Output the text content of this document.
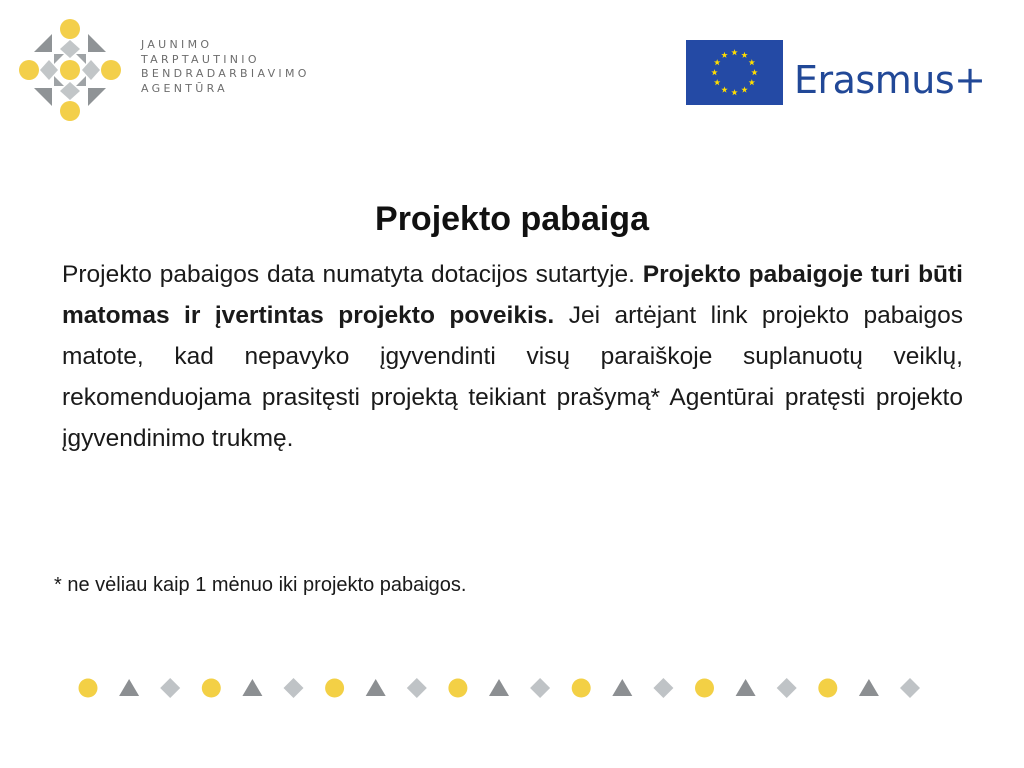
JAUNIMO
TARPTAUTINIO
BENDRADARBIAVIMO
AGENTŪRA	Erasmus+
Projekto pabaiga

Projekto pabaigos data numatyta dotacijos sutartyje. Projekto pabaigoje turi būti matomas ir įvertintas projekto poveikis. Jei artėjant link projekto pabaigos matote, kad nepavyko įgyvendinti visų paraiškoje suplanuotų veiklų, rekomenduojama prasitęsti projektą teikiant prašymą* Agentūrai pratęsti projekto įgyvendinimo trukmę.

* ne vėliau kaip 1 mėnuo iki projekto pabaigos.
